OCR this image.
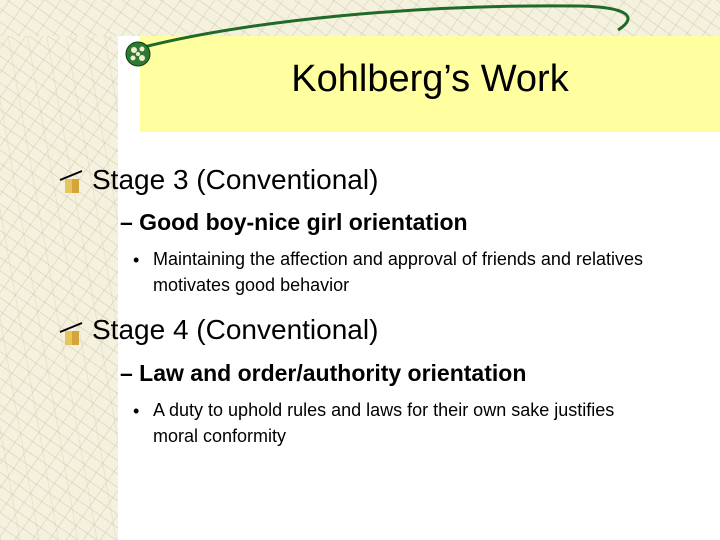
Kohlberg’s Work
Stage 3 (Conventional)
– Good boy-nice girl orientation
• Maintaining the affection and approval of friends and relatives motivates good behavior
Stage 4 (Conventional)
– Law and order/authority orientation
• A duty to uphold rules and laws for their own sake justifies moral conformity
